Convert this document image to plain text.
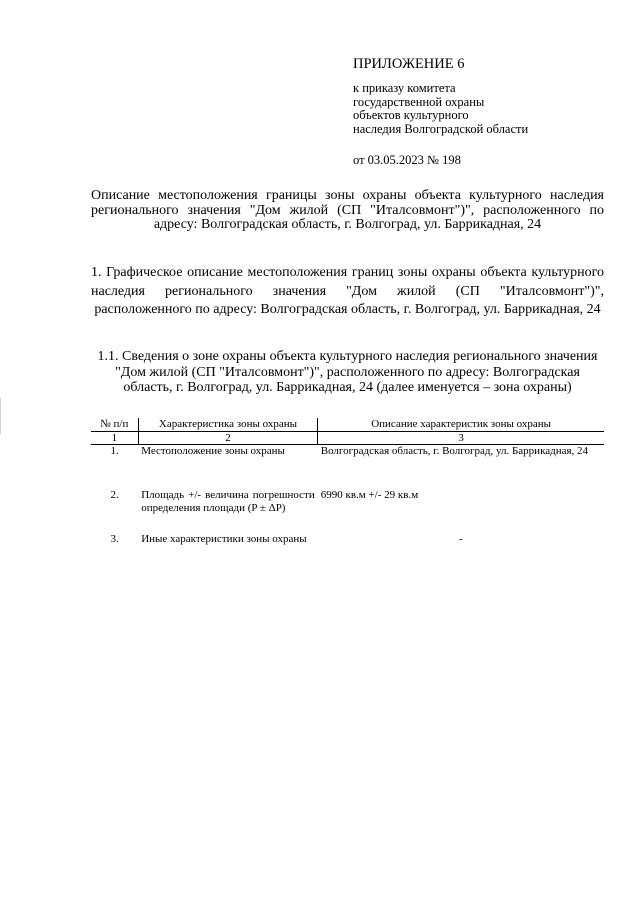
ПРИЛОЖЕНИЕ 6
к приказу комитета
государственной охраны
объектов культурного
наследия Волгоградской области
от 03.05.2023 № 198
Описание местоположения границы зоны охраны объекта культурного наследия регионального значения "Дом жилой (СП "Италсовмонт")", расположенного по адресу: Волгоградская область, г. Волгоград, ул. Баррикадная, 24
1. Графическое описание местоположения границ зоны охраны объекта культурного наследия регионального значения "Дом жилой (СП "Италсовмонт")", расположенного по адресу: Волгоградская область, г. Волгоград, ул. Баррикадная, 24
1.1. Сведения о зоне охраны объекта культурного наследия регионального значения "Дом жилой (СП "Италсовмонт")", расположенного по адресу: Волгоградская область, г. Волгоград, ул. Баррикадная, 24 (далее именуется – зона охраны)
№ п/п	Характеристика зоны охраны	Описание характеристик зоны охраны
1	2	3
1.	Местоположение зоны охраны	Волгоградская область, г. Волгоград, ул. Баррикадная, 24
2.	Площадь +/- величина погрешности определения площади (P ± ΔP)	6990 кв.м +/- 29 кв.м
3.	Иные характеристики зоны охраны	-
